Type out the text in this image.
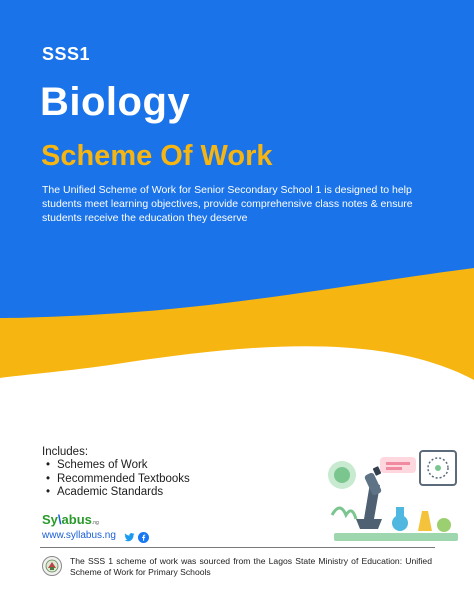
SSS1
Biology
Scheme Of Work
The Unified Scheme of Work for Senior Secondary School 1 is designed to help students meet learning objectives, provide comprehensive class notes & ensure students receive the education they deserve
Includes:
• Schemes of Work
• Recommended Textbooks
• Academic Standards
Sy\abus.ng
www.syllabus.ng
The SSS 1 scheme of work was sourced from the Lagos State Ministry of Education: Unified Scheme of Work for Primary Schools
